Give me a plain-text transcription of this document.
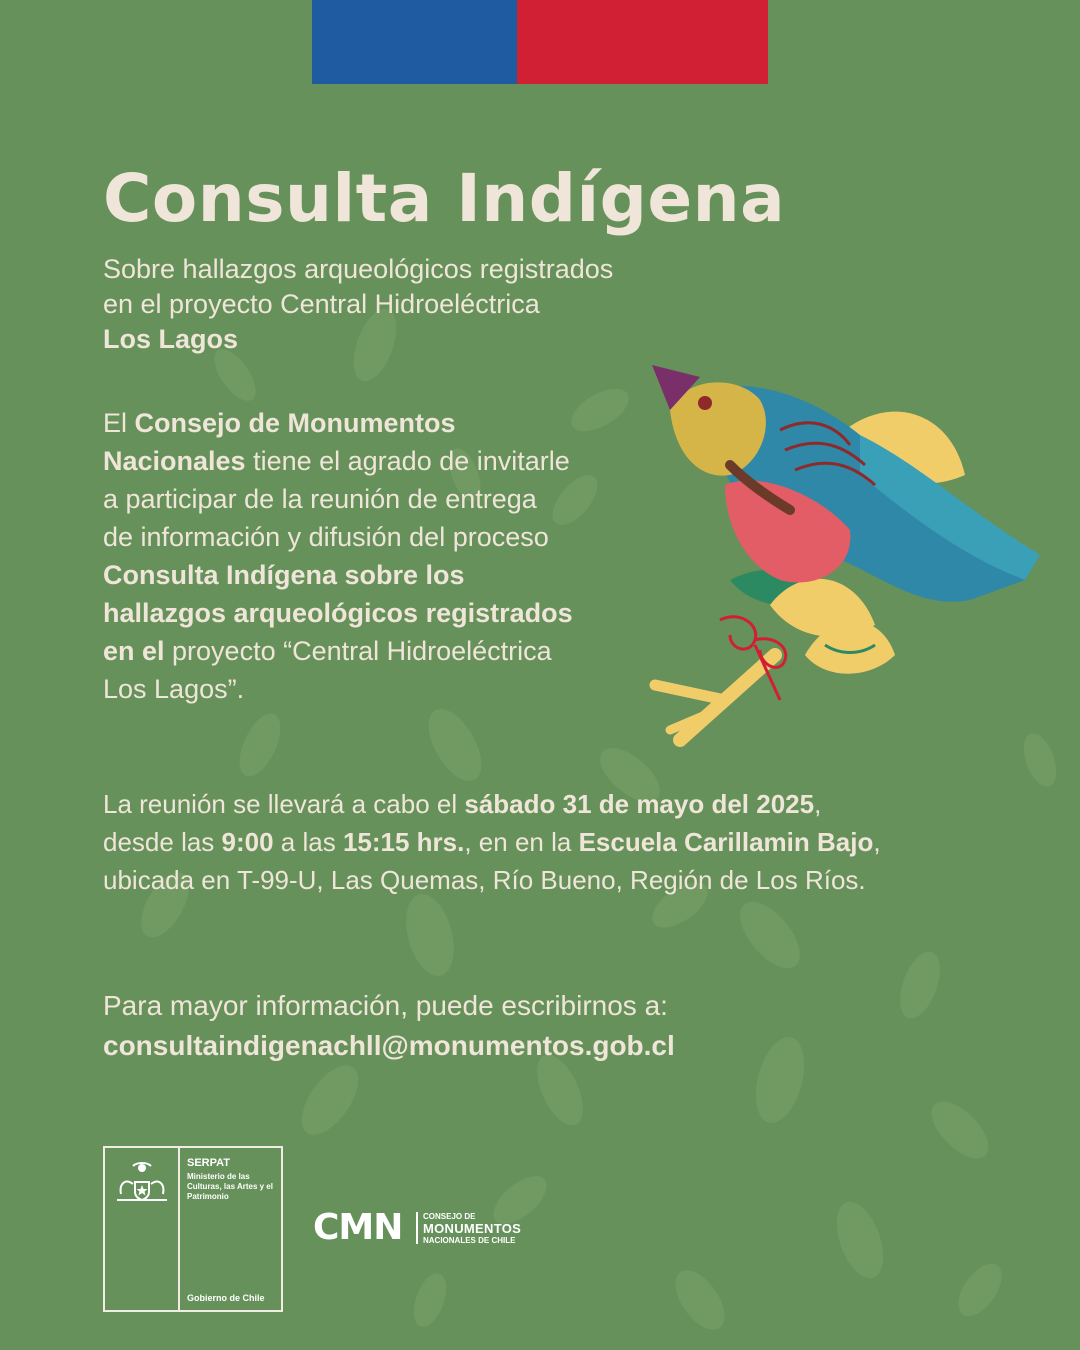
Consulta Indígena
Sobre hallazgos arqueológicos registrados
en el proyecto Central Hidroeléctrica
Los Lagos
El Consejo de Monumentos Nacionales tiene el agrado de invitarle a participar de la reunión de entrega de información y difusión del proceso Consulta Indígena sobre los hallazgos arqueológicos registrados en el proyecto “Central Hidroeléctrica Los Lagos”.
La reunión se llevará a cabo el sábado 31 de mayo del 2025,
desde las 9:00 a las 15:15 hrs., en en la Escuela Carillamin Bajo,
ubicada en T-99-U, Las Quemas, Río Bueno, Región de Los Ríos.
Para mayor información, puede escribirnos a:
consultaindigenachll@monumentos.gob.cl
SERPAT
Ministerio de las Culturas, las Artes y el Patrimonio
Gobierno de Chile
CMN	CONSEJO DE
MONUMENTOS
NACIONALES DE CHILE
